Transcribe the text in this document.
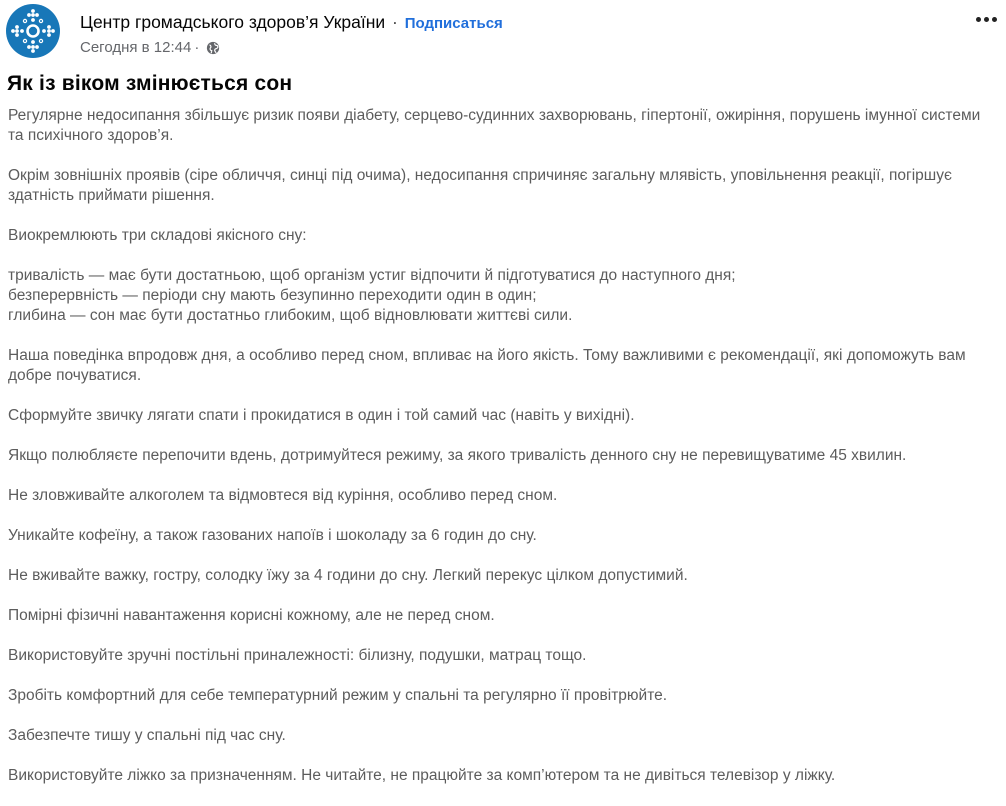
Центр громадського здоров’я України · Подписаться
Сегодня в 12:44 ·
Як із віком змінюється сон

Регулярне недосипання збільшує ризик появи діабету, серцево-судинних захворювань, гіпертонії, ожиріння, порушень імунної системи та психічного здоров’я.

Окрім зовнішніх проявів (сіре обличчя, синці під очима), недосипання спричиняє загальну млявість, уповільнення реакції, погіршує здатність приймати рішення.

Виокремлюють три складові якісного сну:

тривалість — має бути достатньою, щоб організм устиг відпочити й підготуватися до наступного дня;

безперервність — періоди сну мають безупинно переходити один в один;

глибина — сон має бути достатньо глибоким, щоб відновлювати життєві сили.

Наша поведінка впродовж дня, а особливо перед сном, впливає на його якість. Тому важливими є рекомендації, які допоможуть вам добре почуватися.

Сформуйте звичку лягати спати і прокидатися в один і той самий час (навіть у вихідні).

Якщо полюбляєте перепочити вдень, дотримуйтеся режиму, за якого тривалість денного сну не перевищуватиме 45 хвилин.

Не зловживайте алкоголем та відмовтеся від куріння, особливо перед сном.

Уникайте кофеїну, а також газованих напоїв і шоколаду за 6 годин до сну.

Не вживайте важку, гостру, солодку їжу за 4 години до сну. Легкий перекус цілком допустимий.

Помірні фізичні навантаження корисні кожному, але не перед сном.

Використовуйте зручні постільні приналежності: білизну, подушки, матрац тощо.

Зробіть комфортний для себе температурний режим у спальні та регулярно її провітрюйте.

Забезпечте тишу у спальні під час сну.

Використовуйте ліжко за призначенням. Не читайте, не працюйте за комп’ютером та не дивіться телевізор у ліжку.
